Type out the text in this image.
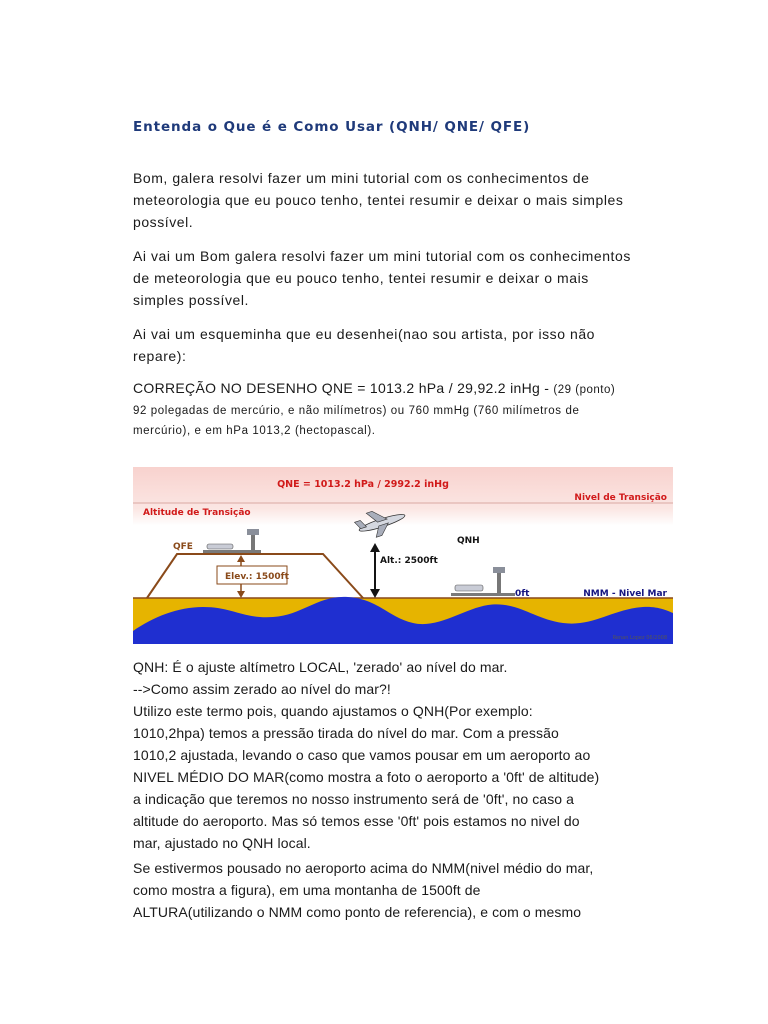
Entenda o Que é e Como Usar (QNH/ QNE/ QFE)

Bom, galera resolvi fazer um mini tutorial com os conhecimentos de
meteorologia que eu pouco tenho, tentei resumir e deixar o mais simples
possível.

Ai vai um Bom galera resolvi fazer um mini tutorial com os conhecimentos
de meteorologia que eu pouco tenho, tentei resumir e deixar o mais
simples possível.

Ai vai um esqueminha que eu desenhei(nao sou artista, por isso não
repare):

CORREÇÃO NO DESENHO QNE = 1013.2 hPa / 29,92.2 inHg - (29 (ponto)
92 polegadas de mercúrio, e não milímetros) ou 760 mmHg (760 milímetros de
mercúrio), e em hPa 1013,2 (hectopascal).
QNE = 1013.2 hPa / 2992.2 inHg
Nivel de Transição
Altitude de Transição
QFE
QNH
Alt.: 2500ft
Elev.: 1500ft
0ft	NMM - Nivel Mar
Renan Lopez 06/2008
QNH: É o ajuste altímetro LOCAL, 'zerado' ao nível do mar.
-->Como assim zerado ao nível do mar?!
Utilizo este termo pois, quando ajustamos o QNH(Por exemplo:
1010,2hpa) temos a pressão tirada do nível do mar. Com a pressão
1010,2 ajustada, levando o caso que vamos pousar em um aeroporto ao
NIVEL MÉDIO DO MAR(como mostra a foto o aeroporto a '0ft' de altitude)
a indicação que teremos no nosso instrumento será de '0ft', no caso a
altitude do aeroporto. Mas só temos esse '0ft' pois estamos no nivel do
mar, ajustado no QNH local.
Se estivermos pousado no aeroporto acima do NMM(nivel médio do mar,
como mostra a figura), em uma montanha de 1500ft de
ALTURA(utilizando o NMM como ponto de referencia), e com o mesmo
